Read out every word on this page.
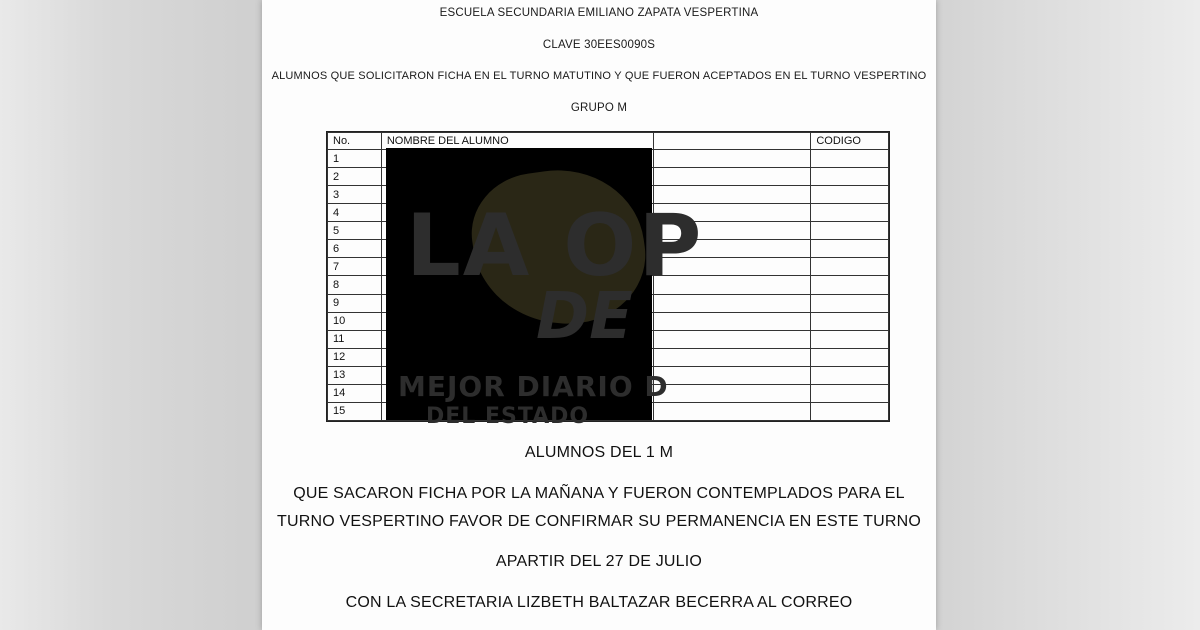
ESCUELA SECUNDARIA EMILIANO ZAPATA VESPERTINA
CLAVE 30EES0090S
ALUMNOS QUE SOLICITARON FICHA EN EL TURNO MATUTINO Y QUE FUERON ACEPTADOS EN EL TURNO VESPERTINO
GRUPO M
No.	NOMBRE DEL ALUMNO		CODIGO
1			
2			
3			
4			
5			
6			
7			
8			
9			
10			
11			
12			
13			
14			
15			
LA OP
DE
MEJOR DIARIO D
DEL ESTADO
ALUMNOS DEL 1 M
QUE SACARON FICHA POR LA MAÑANA Y FUERON CONTEMPLADOS PARA EL
TURNO VESPERTINO FAVOR DE CONFIRMAR SU PERMANENCIA EN ESTE TURNO
APARTIR DEL 27 DE JULIO
CON LA SECRETARIA LIZBETH BALTAZAR BECERRA AL CORREO
